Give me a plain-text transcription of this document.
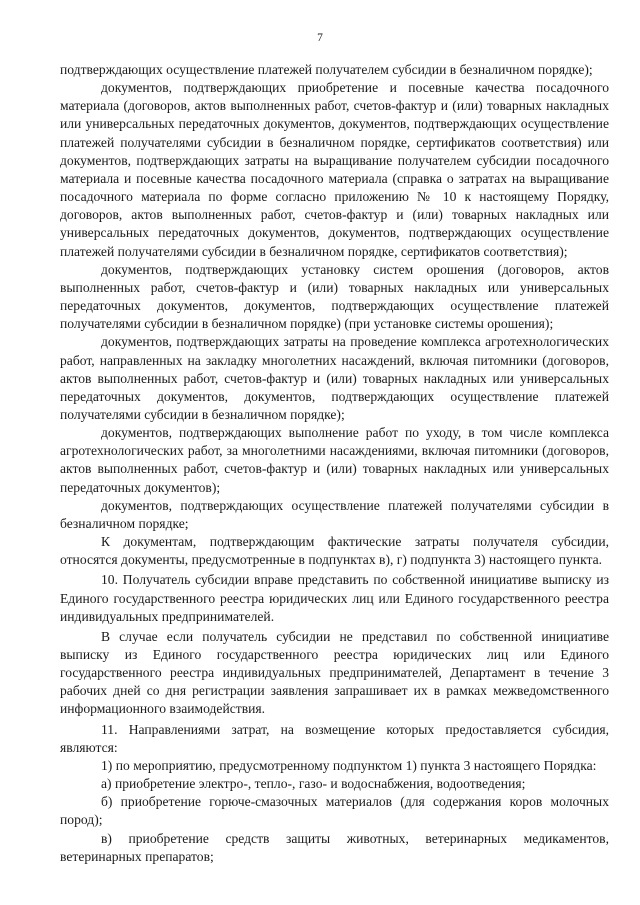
7

подтверждающих осуществление платежей получателем субсидии в безналичном порядке);

документов, подтверждающих приобретение и посевные качества посадочного материала (договоров, актов выполненных работ, счетов-фактур и (или) товарных накладных или универсальных передаточных документов, документов, подтверждающих осуществление платежей получателями субсидии в безналичном порядке, сертификатов соответствия) или документов, подтверждающих затраты на выращивание получателем субсидии посадочного материала и посевные качества посадочного материала (справка о затратах на выращивание посадочного материала по форме согласно приложению № 10 к настоящему Порядку, договоров, актов выполненных работ, счетов-фактур и (или) товарных накладных или универсальных передаточных документов, документов, подтверждающих осуществление платежей получателями субсидии в безналичном порядке, сертификатов соответствия);

документов, подтверждающих установку систем орошения (договоров, актов выполненных работ, счетов-фактур и (или) товарных накладных или универсальных передаточных документов, документов, подтверждающих осуществление платежей получателями субсидии в безналичном порядке) (при установке системы орошения);

документов, подтверждающих затраты на проведение комплекса агротехнологических работ, направленных на закладку многолетних насаждений, включая питомники (договоров, актов выполненных работ, счетов-фактур и (или) товарных накладных или универсальных передаточных документов, документов, подтверждающих осуществление платежей получателями субсидии в безналичном порядке);

документов, подтверждающих выполнение работ по уходу, в том числе комплекса агротехнологических работ, за многолетними насаждениями, включая питомники (договоров, актов выполненных работ, счетов-фактур и (или) товарных накладных или универсальных передаточных документов);

документов, подтверждающих осуществление платежей получателями субсидии в безналичном порядке;

К документам, подтверждающим фактические затраты получателя субсидии, относятся документы, предусмотренные в подпунктах в), г) подпункта 3) настоящего пункта.

10. Получатель субсидии вправе представить по собственной инициативе выписку из Единого государственного реестра юридических лиц или Единого государственного реестра индивидуальных предпринимателей.

В случае если получатель субсидии не представил по собственной инициативе выписку из Единого государственного реестра юридических лиц или Единого государственного реестра индивидуальных предпринимателей, Департамент в течение 3 рабочих дней со дня регистрации заявления запрашивает их в рамках межведомственного информационного взаимодействия.

11. Направлениями затрат, на возмещение которых предоставляется субсидия, являются:

1) по мероприятию, предусмотренному подпунктом 1) пункта 3 настоящего Порядка:

а) приобретение электро-, тепло-, газо- и водоснабжения, водоотведения;

б) приобретение горюче-смазочных материалов (для содержания коров молочных пород);

в) приобретение средств защиты животных, ветеринарных медикаментов, ветеринарных препаратов;
